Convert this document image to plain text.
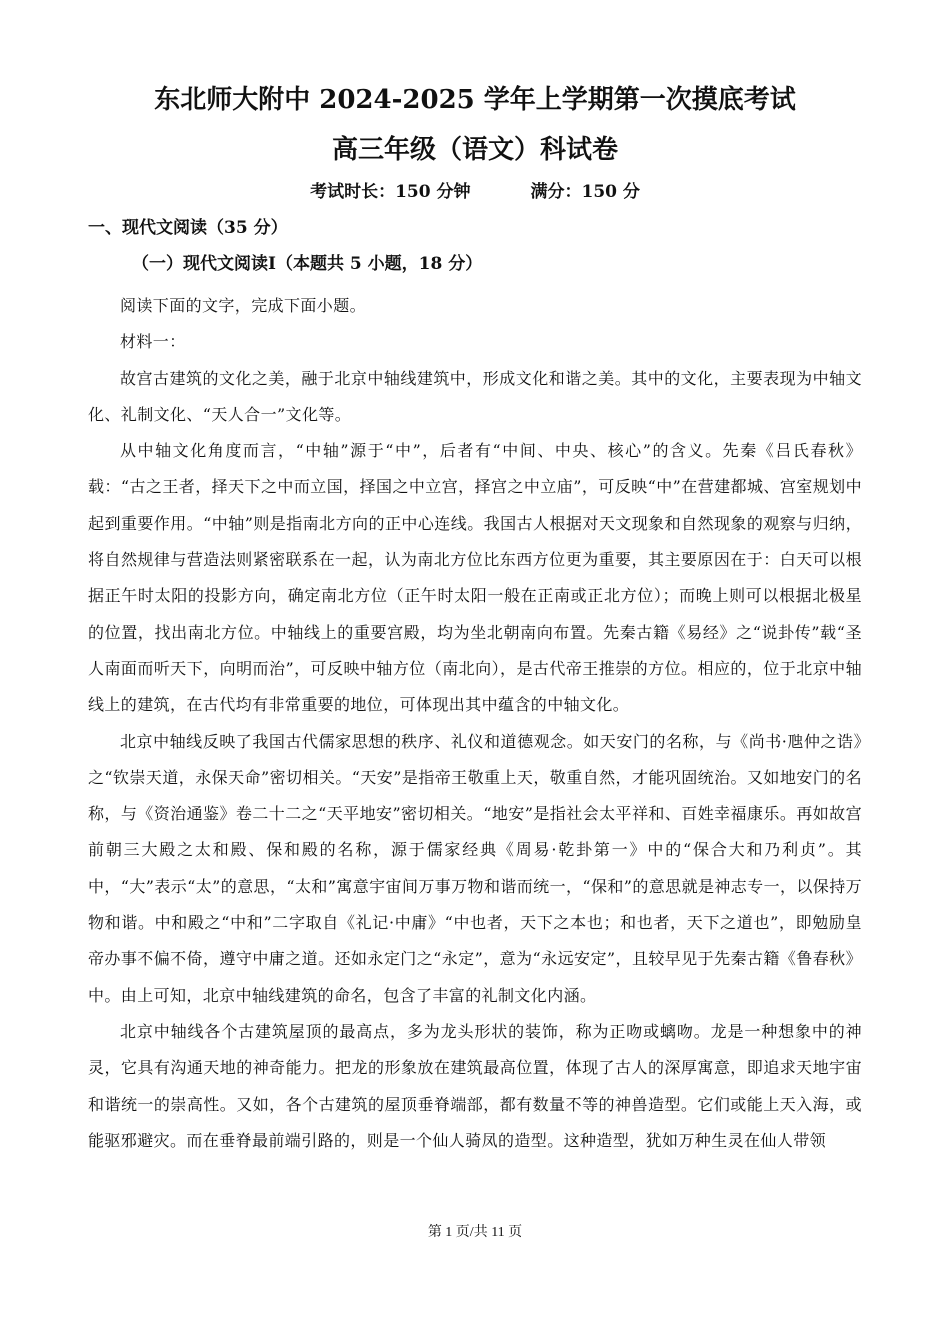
东北师大附中 2024-2025 学年上学期第一次摸底考试
高三年级（语文）科试卷
考试时长：150 分钟	满分：150 分
一、现代文阅读（35 分）
（一）现代文阅读Ⅰ（本题共 5 小题，18 分）

阅读下面的文字，完成下面小题。

材料一：

故宫古建筑的文化之美，融于北京中轴线建筑中，形成文化和谐之美。其中的文化，主要表现为中轴文化、礼制文化、“天人合一”文化等。

从中轴文化角度而言，“中轴”源于“中”，后者有“中间、中央、核心”的含义。先秦《吕氏春秋》载：“古之王者，择天下之中而立国，择国之中立宫，择宫之中立庙”，可反映“中”在营建都城、宫室规划中起到重要作用。“中轴”则是指南北方向的正中心连线。我国古人根据对天文现象和自然现象的观察与归纳，将自然规律与营造法则紧密联系在一起，认为南北方位比东西方位更为重要，其主要原因在于：白天可以根据正午时太阳的投影方向，确定南北方位（正午时太阳一般在正南或正北方位）；而晚上则可以根据北极星的位置，找出南北方位。中轴线上的重要宫殿，均为坐北朝南向布置。先秦古籍《易经》之“说卦传”载“圣人南面而听天下，向明而治”，可反映中轴方位（南北向），是古代帝王推崇的方位。相应的，位于北京中轴线上的建筑，在古代均有非常重要的地位，可体现出其中蕴含的中轴文化。

北京中轴线反映了我国古代儒家思想的秩序、礼仪和道德观念。如天安门的名称，与《尚书·虺仲之诰》之“钦崇天道，永保天命”密切相关。“天安”是指帝王敬重上天，敬重自然，才能巩固统治。又如地安门的名称，与《资治通鉴》卷二十二之“天平地安”密切相关。“地安”是指社会太平祥和、百姓幸福康乐。再如故宫前朝三大殿之太和殿、保和殿的名称，源于儒家经典《周易·乾卦第一》中的“保合大和乃利贞”。其中，“大”表示“太”的意思，“太和”寓意宇宙间万事万物和谐而统一，“保和”的意思就是神志专一，以保持万物和谐。中和殿之“中和”二字取自《礼记·中庸》“中也者，天下之本也；和也者，天下之道也”，即勉励皇帝办事不偏不倚，遵守中庸之道。还如永定门之“永定”，意为“永远安定”，且较早见于先秦古籍《鲁春秋》中。由上可知，北京中轴线建筑的命名，包含了丰富的礼制文化内涵。

北京中轴线各个古建筑屋顶的最高点，多为龙头形状的装饰，称为正吻或螭吻。龙是一种想象中的神灵，它具有沟通天地的神奇能力。把龙的形象放在建筑最高位置，体现了古人的深厚寓意，即追求天地宇宙和谐统一的崇高性。又如，各个古建筑的屋顶垂脊端部，都有数量不等的神兽造型。它们或能上天入海，或能驱邪避灾。而在垂脊最前端引路的，则是一个仙人骑凤的造型。这种造型，犹如万种生灵在仙人带领

第 1 页/共 11 页
